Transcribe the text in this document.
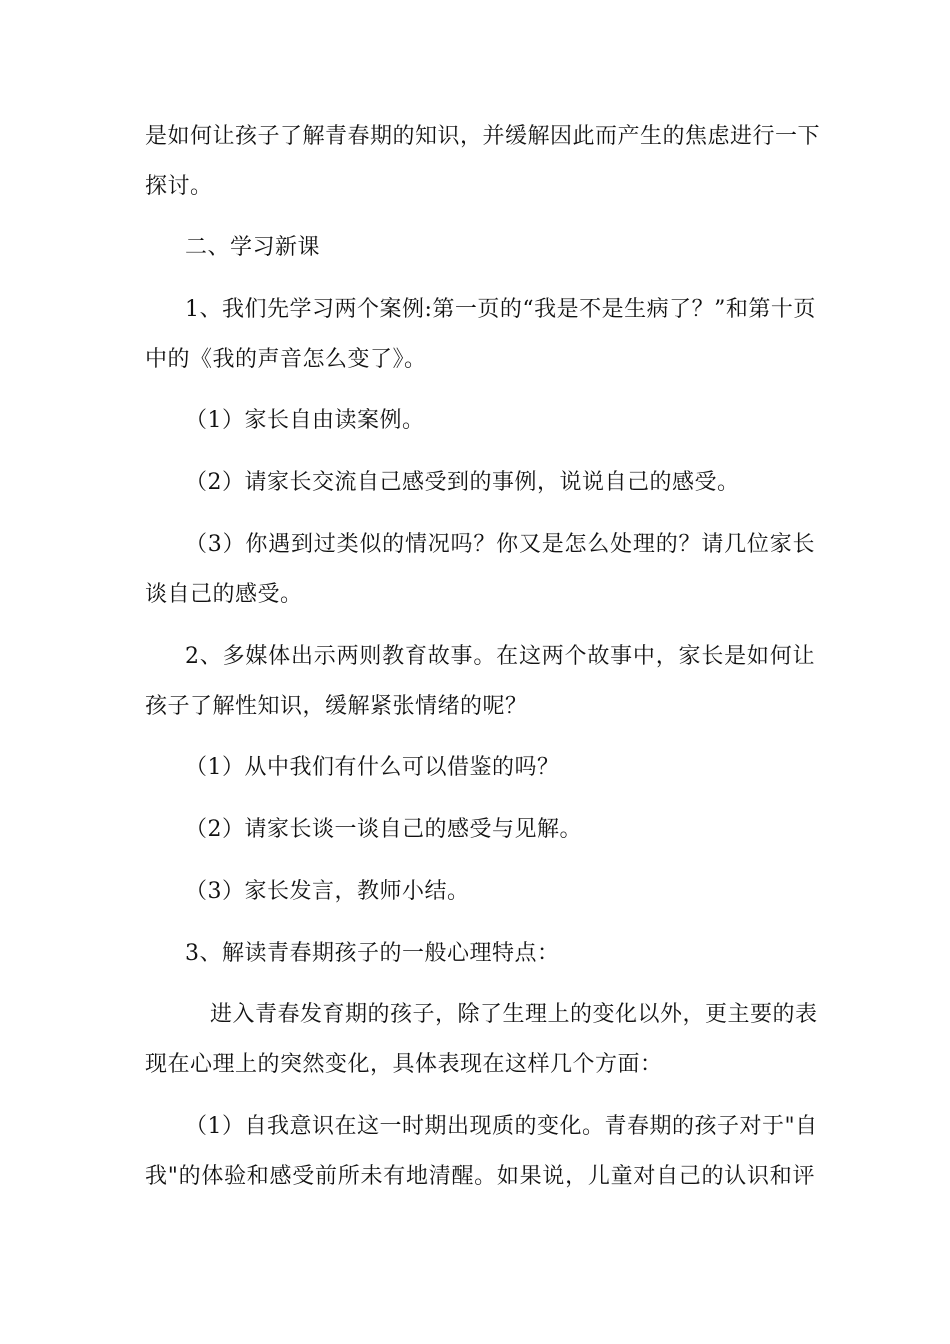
是如何让孩子了解青春期的知识，并缓解因此而产生的焦虑进行一下
探讨。
二、学习新课
1、我们先学习两个案例:第一页的“我是不是生病了？”和第十页
中的《我的声音怎么变了》。
（1）家长自由读案例。
（2）请家长交流自己感受到的事例，说说自己的感受。
（3）你遇到过类似的情况吗？你又是怎么处理的？请几位家长
谈自己的感受。
2、多媒体出示两则教育故事。在这两个故事中，家长是如何让
孩子了解性知识，缓解紧张情绪的呢？
（1）从中我们有什么可以借鉴的吗？
（2）请家长谈一谈自己的感受与见解。
（3）家长发言，教师小结。
3、解读青春期孩子的一般心理特点：
进入青春发育期的孩子，除了生理上的变化以外，更主要的表
现在心理上的突然变化，具体表现在这样几个方面：
（1）自我意识在这一时期出现质的变化。青春期的孩子对于"自
我"的体验和感受前所未有地清醒。如果说，儿童对自己的认识和评
